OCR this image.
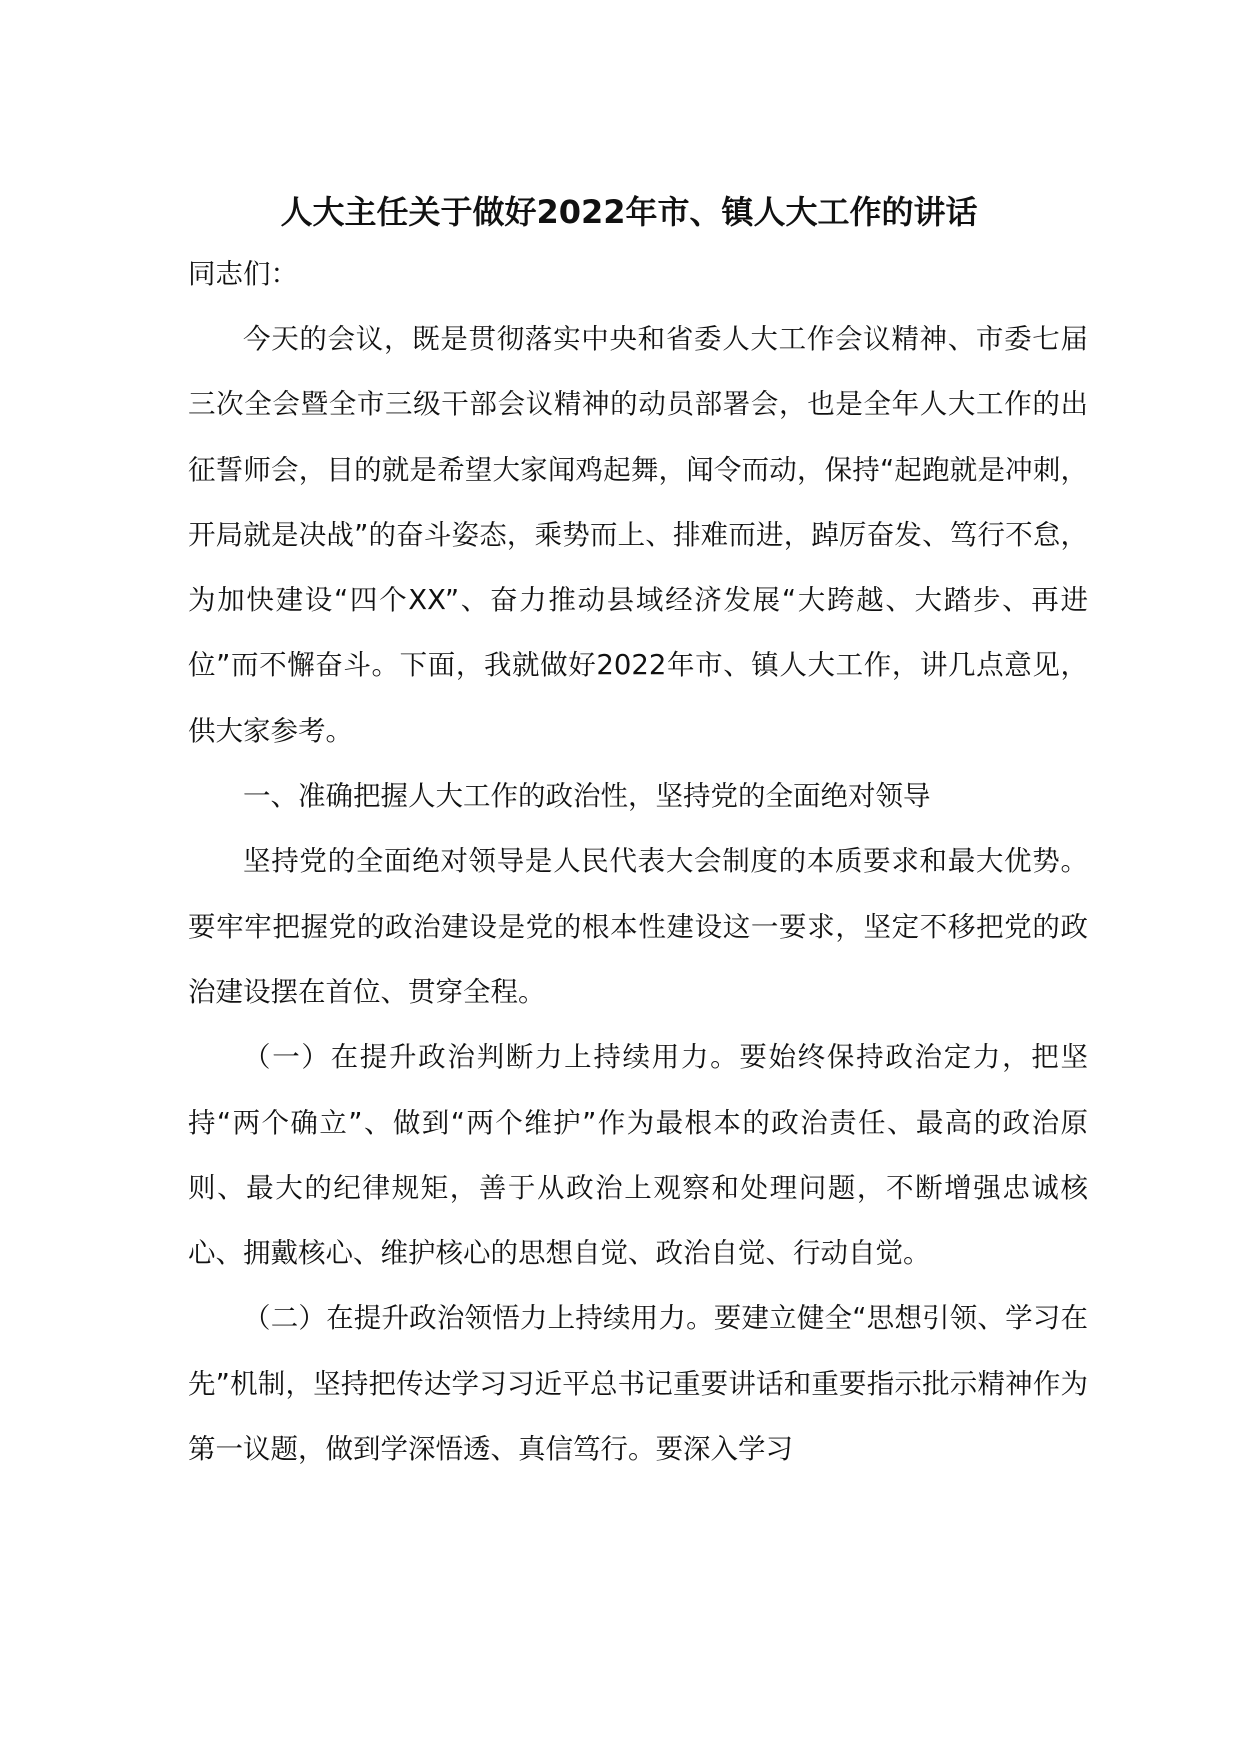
人大主任关于做好2022年市、镇人大工作的讲话
同志们：

今天的会议，既是贯彻落实中央和省委人大工作会议精神、市委七届三次全会暨全市三级干部会议精神的动员部署会，也是全年人大工作的出征誓师会，目的就是希望大家闻鸡起舞，闻令而动，保持“起跑就是冲刺，开局就是决战”的奋斗姿态，乘势而上、排难而进，踔厉奋发、笃行不怠，为加快建设“四个XX”、奋力推动县域经济发展“大跨越、大踏步、再进位”而不懈奋斗。下面，我就做好2022年市、镇人大工作，讲几点意见，供大家参考。

一、准确把握人大工作的政治性，坚持党的全面绝对领导

坚持党的全面绝对领导是人民代表大会制度的本质要求和最大优势。要牢牢把握党的政治建设是党的根本性建设这一要求，坚定不移把党的政治建设摆在首位、贯穿全程。

（一）在提升政治判断力上持续用力。要始终保持政治定力，把坚持“两个确立”、做到“两个维护”作为最根本的政治责任、最高的政治原则、最大的纪律规矩，善于从政治上观察和处理问题，不断增强忠诚核心、拥戴核心、维护核心的思想自觉、政治自觉、行动自觉。

（二）在提升政治领悟力上持续用力。要建立健全“思想引领、学习在先”机制，坚持把传达学习习近平总书记重要讲话和重要指示批示精神作为第一议题，做到学深悟透、真信笃行。要深入学习
